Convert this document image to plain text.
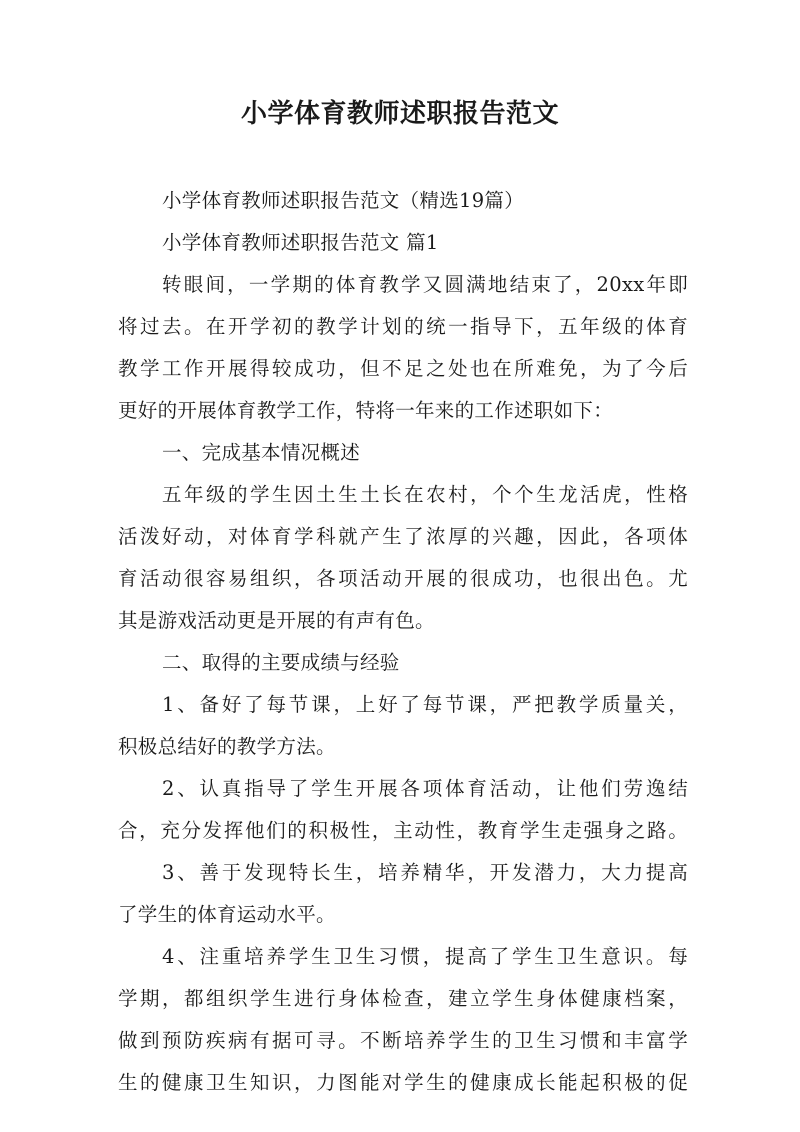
小学体育教师述职报告范文
小学体育教师述职报告范文（精选19篇）
小学体育教师述职报告范文 篇1
转眼间，一学期的体育教学又圆满地结束了，20xx年即
将过去。在开学初的教学计划的统一指导下，五年级的体育
教学工作开展得较成功，但不足之处也在所难免，为了今后
更好的开展体育教学工作，特将一年来的工作述职如下：
一、完成基本情况概述
五年级的学生因土生土长在农村，个个生龙活虎，性格
活泼好动，对体育学科就产生了浓厚的兴趣，因此，各项体
育活动很容易组织，各项活动开展的很成功，也很出色。尤
其是游戏活动更是开展的有声有色。
二、取得的主要成绩与经验
1、备好了每节课，上好了每节课，严把教学质量关，
积极总结好的教学方法。
2、认真指导了学生开展各项体育活动，让他们劳逸结
合，充分发挥他们的积极性，主动性，教育学生走强身之路。
3、善于发现特长生，培养精华，开发潜力，大力提高
了学生的体育运动水平。
4、注重培养学生卫生习惯，提高了学生卫生意识。每
学期，都组织学生进行身体检查，建立学生身体健康档案，
做到预防疾病有据可寻。不断培养学生的卫生习惯和丰富学
生的健康卫生知识，力图能对学生的健康成长能起积极的促
